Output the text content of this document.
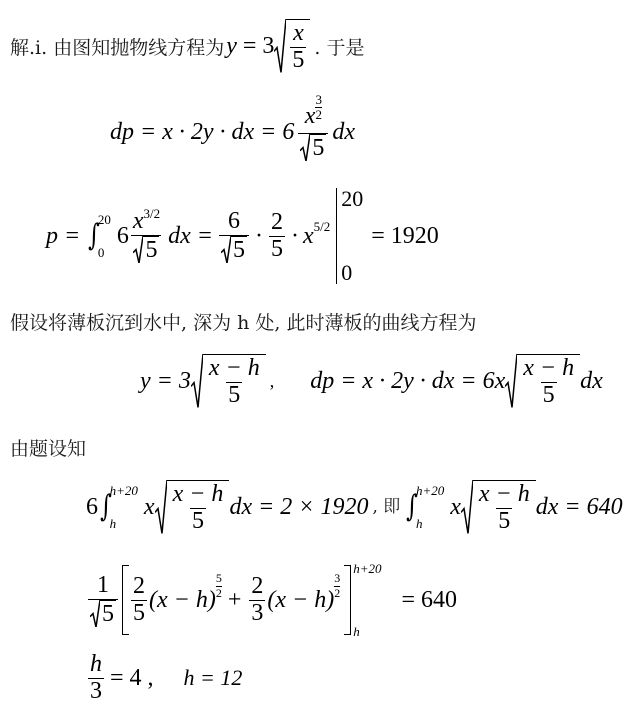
解.i. 由图知抛物线方程为 $y = 3 \frac{x}{5}$ . 于是
dp = x · 2y · dx = $6 \frac{x \frac{3}{2}}{5}$ dx
p = ∫
20
0
$6 \frac{x^{3/2}}{5}$ dx = $\frac{6}{5} \cdot \frac{2}{5} \cdot x$ 5/2
20
0
= 1920
假设将薄板沉到水中, 深为 h 处, 此时薄板的曲线方程为
$y = 3 \frac{x - h}{5}$ , dp = x · 2y · dx = $6x \frac{x - h}{5}$ dx
由题设知
6 ∫
h+20
h
x $\frac{x - h}{5}$ dx = 2 × 1920 , 即 ∫
h+20
h
x $\frac{x - h}{5}$ dx = 640
$\frac{1}{5} \frac{2}{5} (x - h)$
5
$2 + \frac{2}{3} (x - h)$
3
2
h+20
h
= 640
$\frac{h}{3} = 4$ , h = 12
